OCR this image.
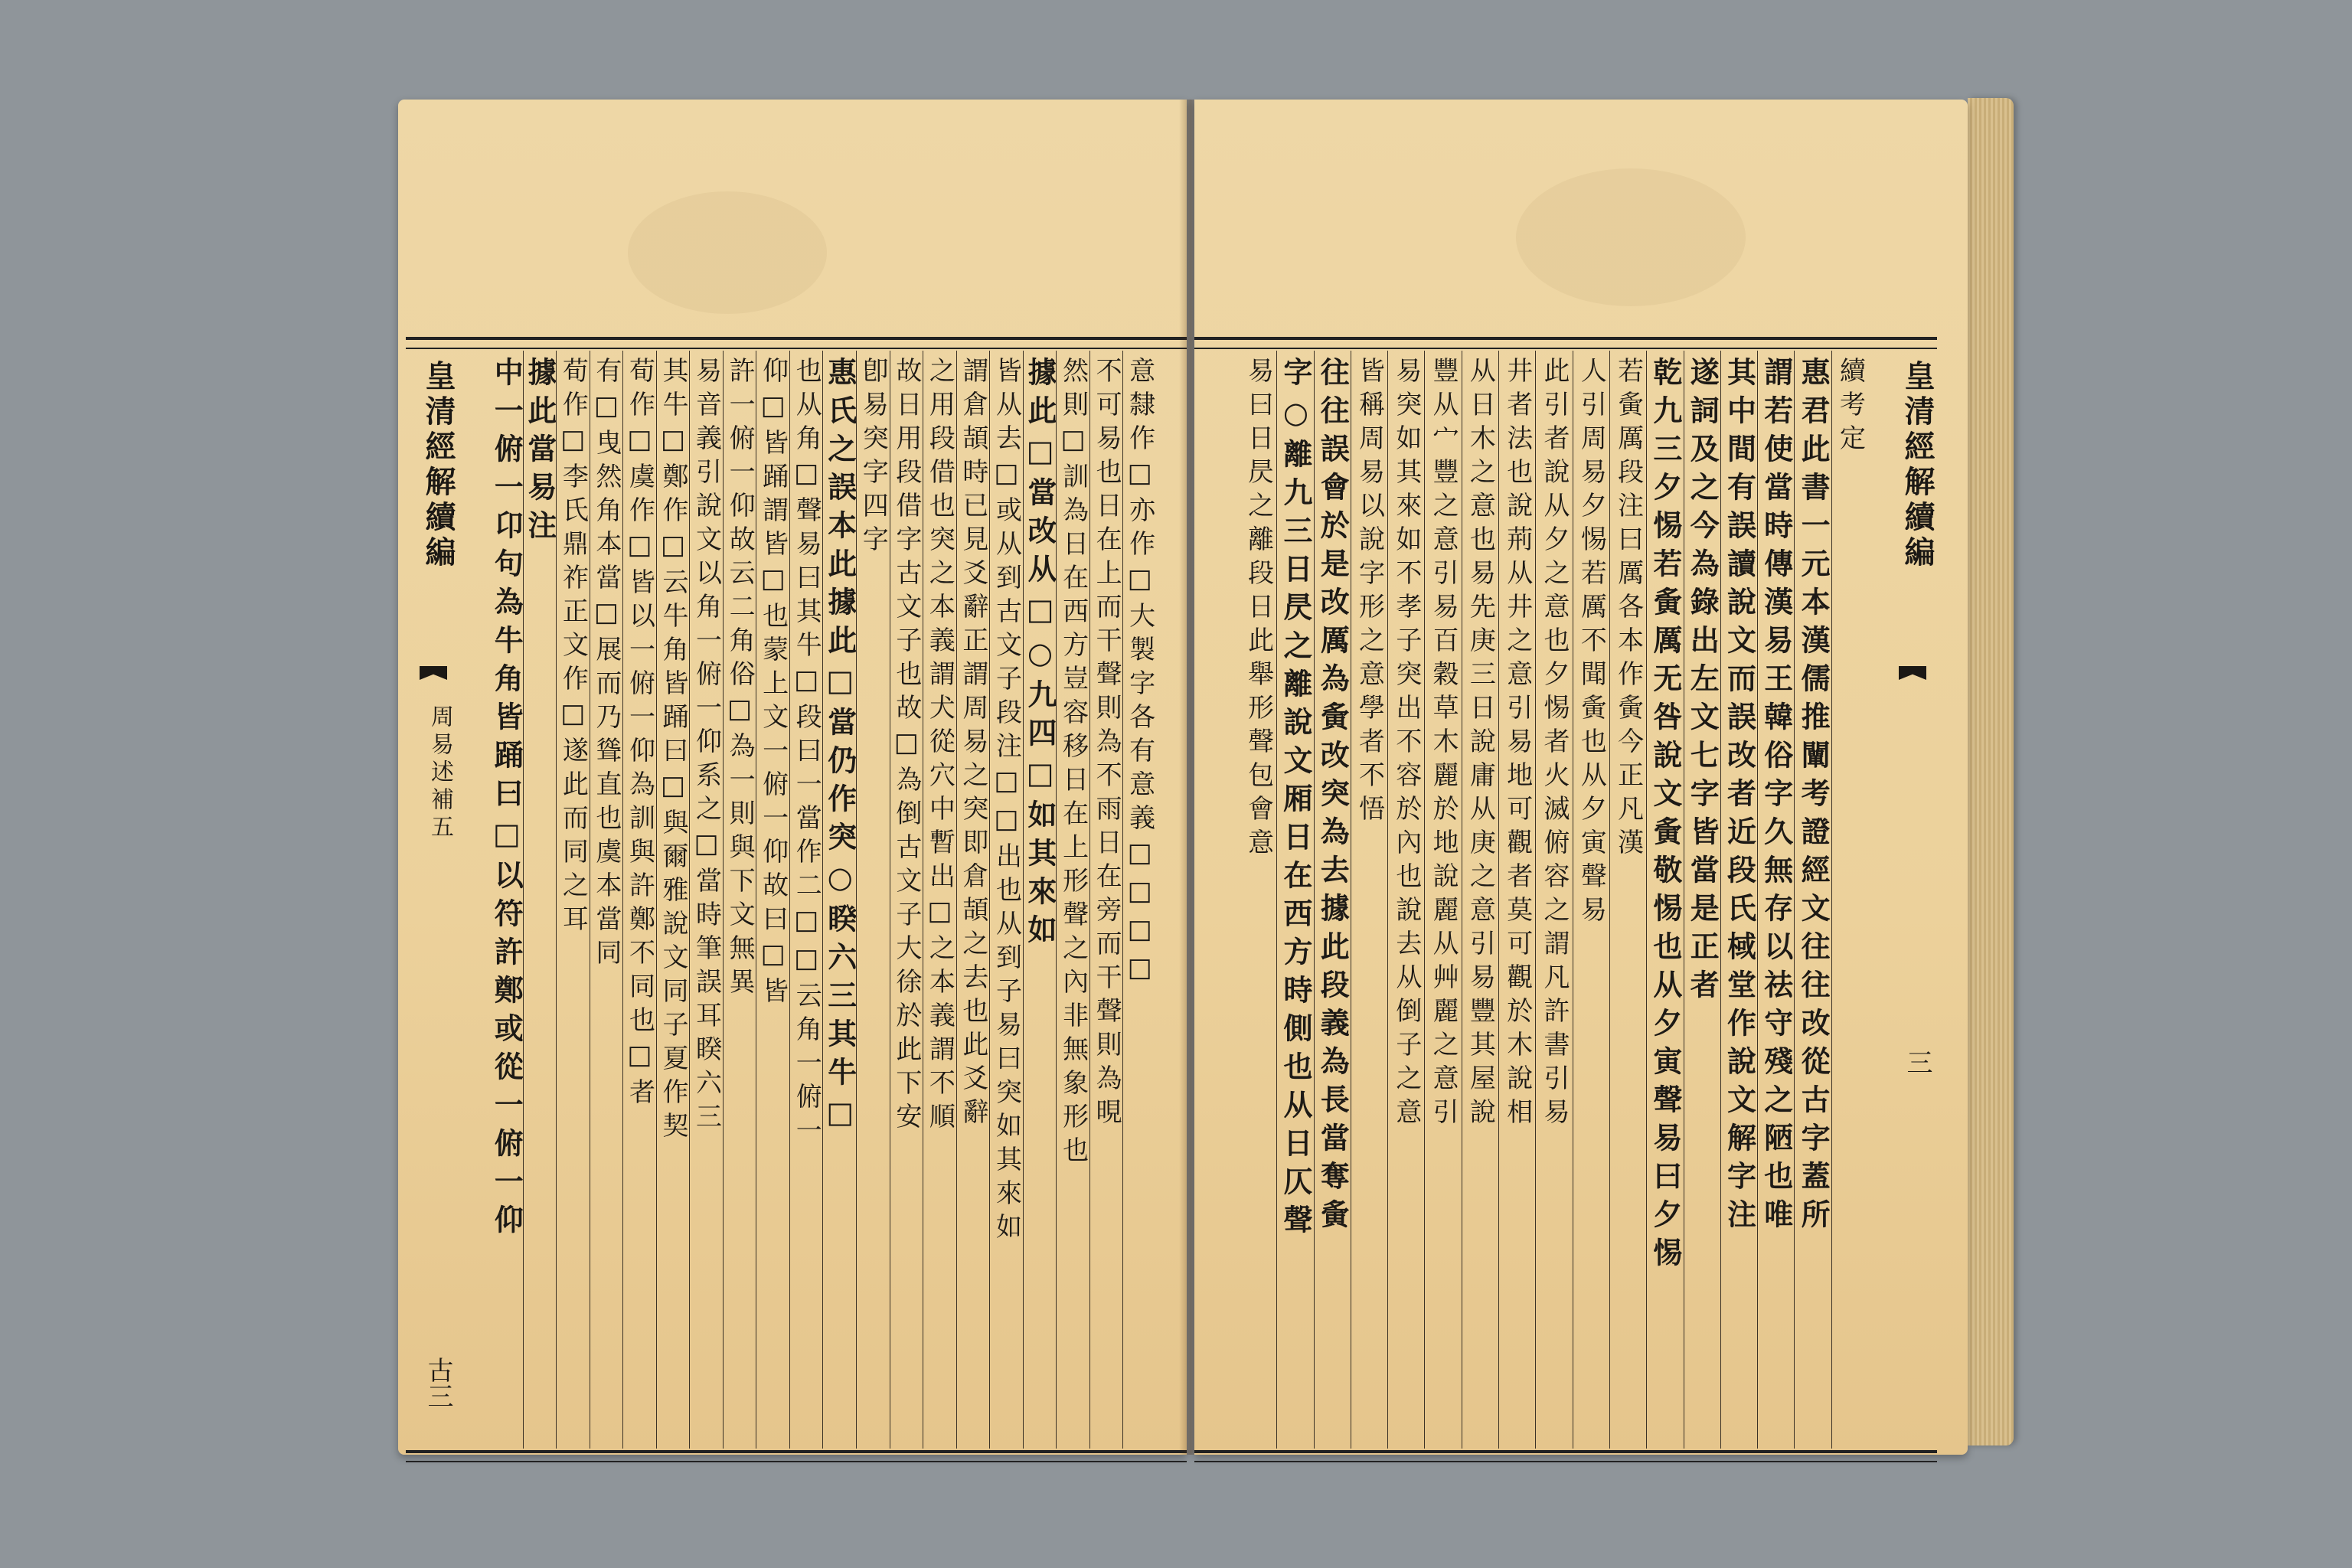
皇清經解續編
周易述補五
古三
中一俯一卬句為牛角皆踊曰□以符許鄭或從一俯一仰
據此當易注 荀作□李氏鼎祚正文作□遂此而同之耳 有□曳然角本當□展而乃聳直也虞本當同 荀作□虞作□皆以一俯一仰為訓與許鄭不同也□者 其牛□鄭作□云牛角皆踊曰□與爾雅說文同子夏作契 易音義引說文以角一俯一仰系之□當時筆誤耳睽六三 許一俯一仰故云二角俗□為一則與下文無異 仰□皆踊謂皆□也蒙上文一俯一仰故曰□皆 也从角□聲易曰其牛□段曰一當作二□□云角一俯一 惠氏之誤本此據此□當仍作突○睽六三其牛□ 卽易突字四字 故日用段借字古文子也故□為倒古文子大徐於此下安 之用段借也突之本義謂犬從穴中暫出□之本義謂不順 謂倉頡時已見爻辭正謂周易之突即倉頡之去也此爻辭 皆从去□或从到古文子段注□□出也从到子易曰突如其來如 據此□當改从□○九四□如其來如 然則□訓為日在西方豈容移日在上形聲之內非無象形也 不可易也日在上而干聲則為不雨日在旁而干聲則為晛 意隸作□亦作□大製字各有意義□□□□	皇清經解續編
三
易曰日昃之離段日此舉形聲包會意 字○離九三日昃之離說文厢日在西方時側也从日仄聲 往往誤會於是改厲為夤改突為去據此段義為長當奪夤 皆稱周易以說字形之意學者不悟 易突如其來如不孝子突出不容於內也說去从倒子之意 豐从宀豐之意引易百穀草木麗於地說麗从艸麗之意引 从日木之意也易先庚三日說庸从庚之意引易豐其屋說 井者法也說荊从井之意引易地可觀者莫可觀於木說相 此引者說从夕之意也夕惕者火滅俯容之謂凡許書引易 人引周易夕惕若厲不聞夤也从夕寅聲易 若夤厲段注曰厲各本作夤今正凡漢 乾九三夕惕若夤厲无咎說文夤敬惕也从夕寅聲易曰夕惕 遂詞及之今為錄出左文七字皆當是正者 其中間有誤讀說文而誤改者近段氏棫堂作說文解字注 謂若使當時傳漢易王韓俗字久無存以祛守殘之陋也唯 惠君此書一元本漢儒推闡考證經文往往改從古字蓋所 續考定
